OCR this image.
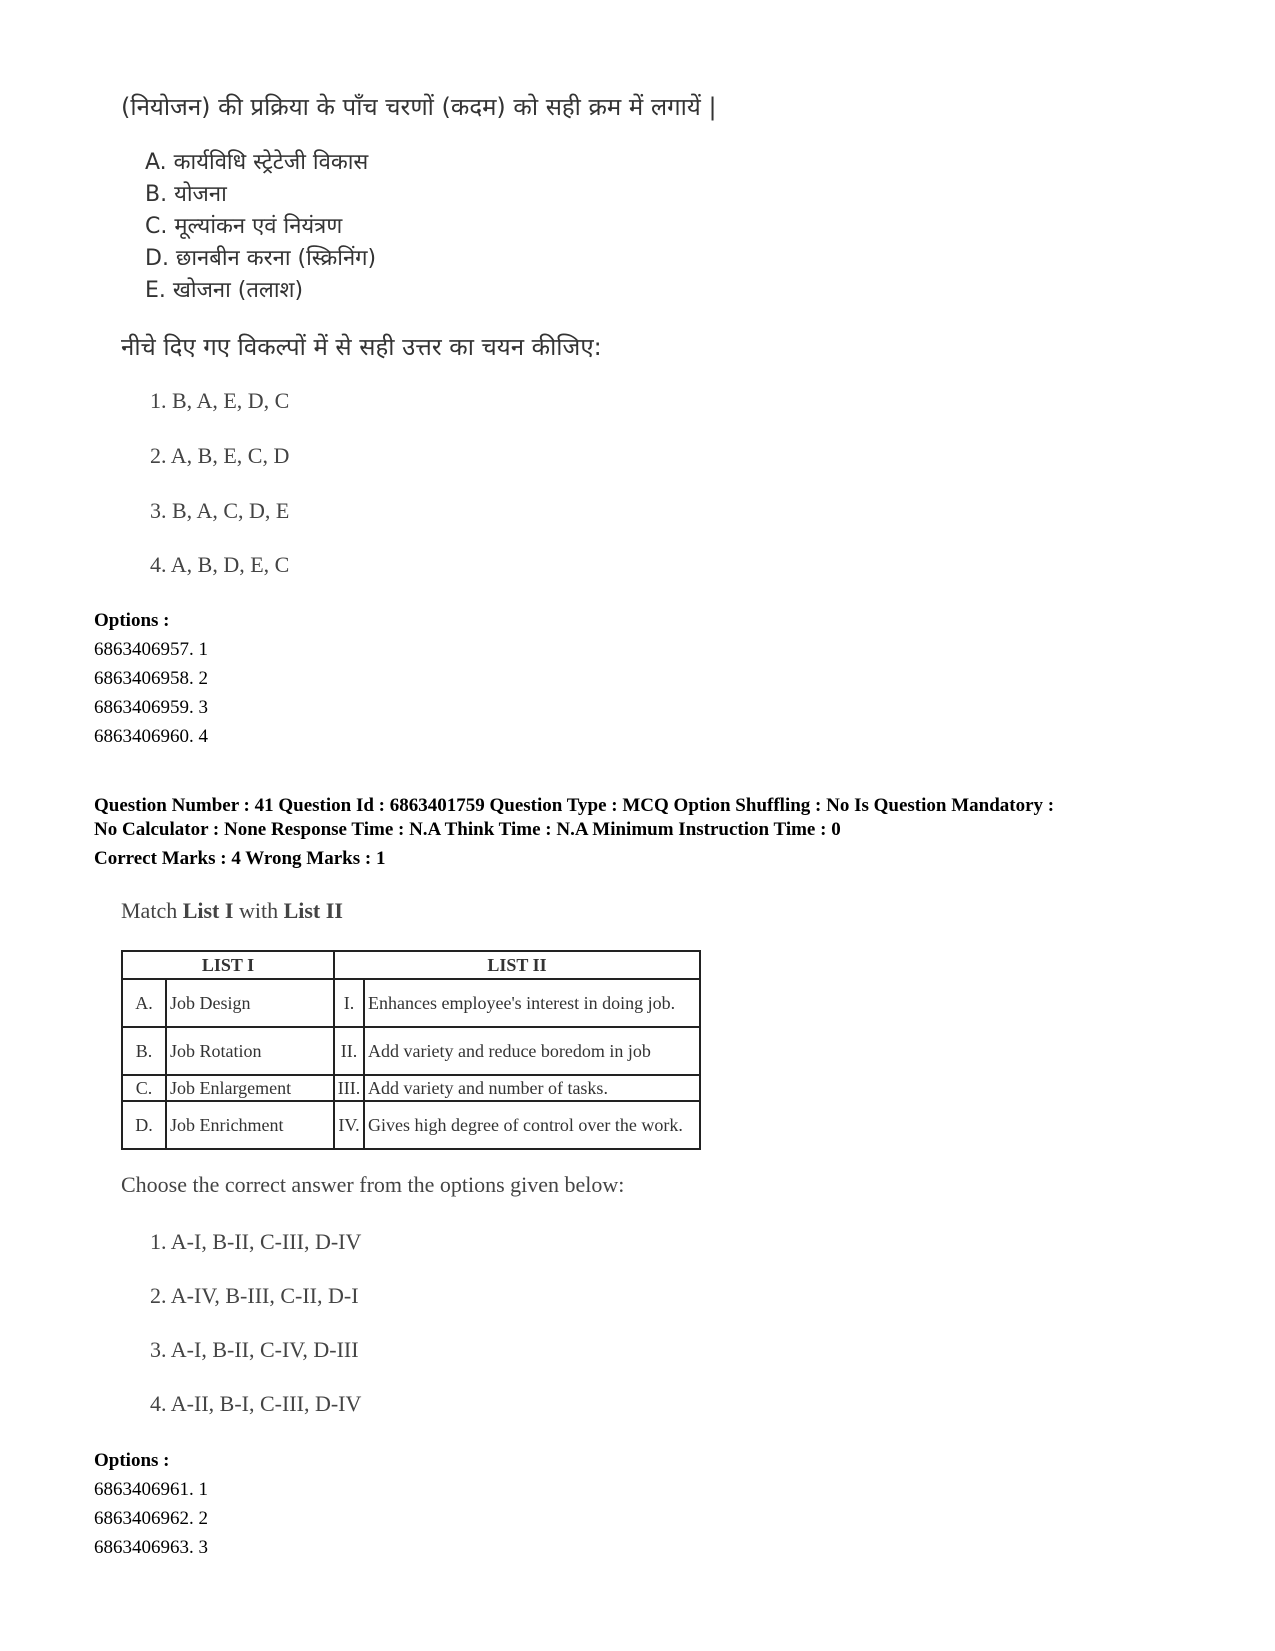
(नियोजन) की प्रक्रिया के पाँच चरणों (कदम) को सही क्रम में लगायें |
A. कार्यविधि स्ट्रेटेजी विकास
B. योजना
C. मूल्यांकन एवं नियंत्रण
D. छानबीन करना (स्क्रिनिंग)
E. खोजना (तलाश)
नीचे दिए गए विकल्पों में से सही उत्तर का चयन कीजिए:
1. B, A, E, D, C
2. A, B, E, C, D
3. B, A, C, D, E
4. A, B, D, E, C
Options :
6863406957. 1
6863406958. 2
6863406959. 3
6863406960. 4
Question Number : 41 Question Id : 6863401759 Question Type : MCQ Option Shuffling : No Is Question Mandatory :
No Calculator : None Response Time : N.A Think Time : N.A Minimum Instruction Time : 0
Correct Marks : 4 Wrong Marks : 1
Match List I with List II
LIST I		LIST II	
A.	Job Design	I.	Enhances employee's interest in doing job.
B.	Job Rotation	II.	Add variety and reduce boredom in job
C.	Job Enlargement	III.	Add variety and number of tasks.
D.	Job Enrichment	IV.	Gives high degree of control over the work.
Choose the correct answer from the options given below:
1. A-I, B-II, C-III, D-IV
2. A-IV, B-III, C-II, D-I
3. A-I, B-II, C-IV, D-III
4. A-II, B-I, C-III, D-IV
Options :
6863406961. 1
6863406962. 2
6863406963. 3
